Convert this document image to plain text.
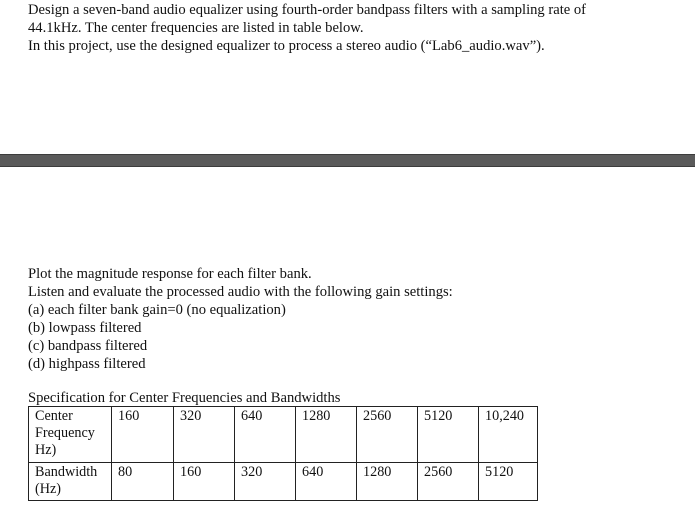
Design a seven-band audio equalizer using fourth-order bandpass filters with a sampling rate of
44.1kHz. The center frequencies are listed in table below.
In this project, use the designed equalizer to process a stereo audio (“Lab6_audio.wav”).
Plot the magnitude response for each filter bank.
Listen and evaluate the processed audio with the following gain settings:
(a) each filter bank gain=0 (no equalization)
(b) lowpass filtered
(c) bandpass filtered
(d) highpass filtered
Specification for Center Frequencies and Bandwidths
Center
Frequency
Hz)	160	320	640	1280	2560	5120	10,240

Bandwidth
(Hz)	80	160	320	640	1280	2560	5120
